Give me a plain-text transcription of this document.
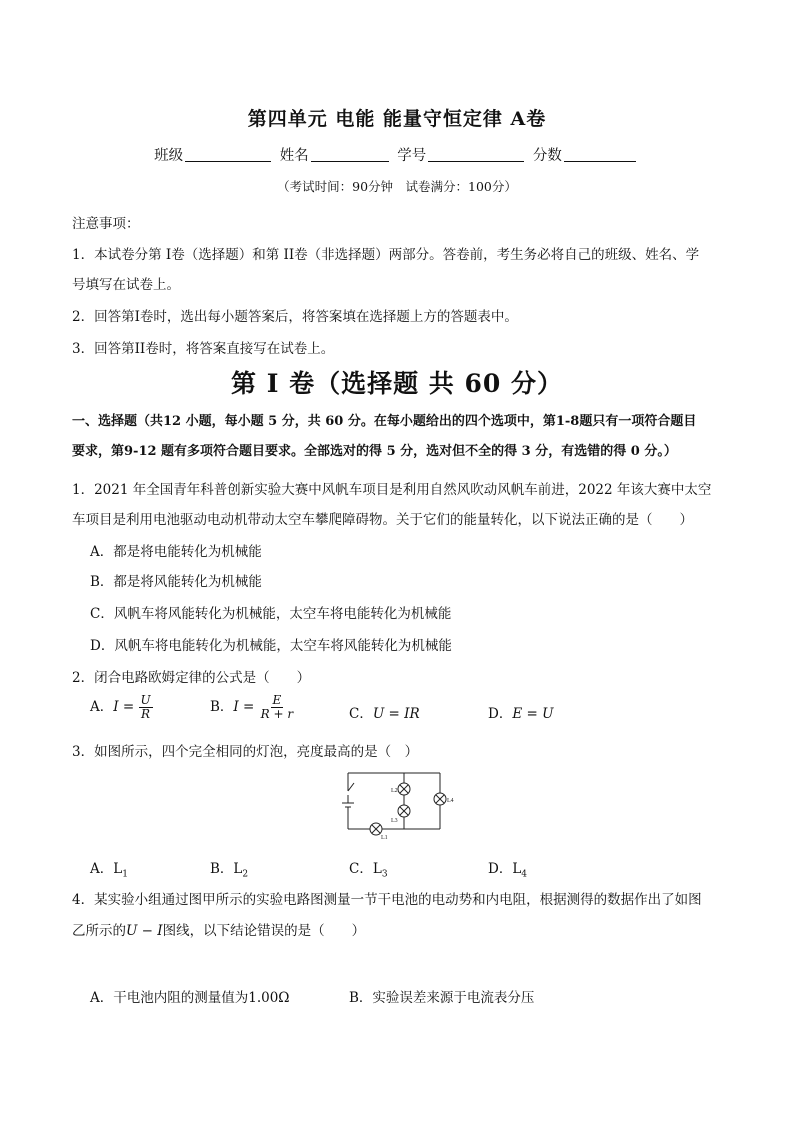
第四单元 电能 能量守恒定律 A卷
班级	姓名	学号	分数
（考试时间：90分钟　试卷满分：100分）
注意事项：
1．本试卷分第 I卷（选择题）和第 II卷（非选择题）两部分。答卷前，考生务必将自己的班级、姓名、学
号填写在试卷上。
2．回答第I卷时，选出每小题答案后，将答案填在选择题上方的答题表中。
3．回答第II卷时，将答案直接写在试卷上。
第 I 卷（选择题 共 60 分）
一、选择题（共12 小题，每小题 5 分，共 60 分。在每小题给出的四个选项中，第1-8题只有一项符合题目
要求，第9-12 题有多项符合题目要求。全部选对的得 5 分，选对但不全的得 3 分，有选错的得 0 分。）
1．2021 年全国青年科普创新实验大赛中风帆车项目是利用自然风吹动风帆车前进，2022 年该大赛中太空
车项目是利用电池驱动电动机带动太空车攀爬障碍物。关于它们的能量转化，以下说法正确的是（　　）
A．都是将电能转化为机械能
B．都是将风能转化为机械能
C．风帆车将风能转化为机械能，太空车将电能转化为机械能
D．风帆车将电能转化为机械能，太空车将风能转化为机械能
2．闭合电路欧姆定律的公式是（　　）
A．$I = \frac{U}{R}$	B．$I = \frac{E}{R + r}$	C．U = IR	D．E = U
3．如图所示，四个完全相同的灯泡，亮度最高的是（　）
L2
L3
L4
L1
A．$L_1$	B．$L_2$	C．$L_3$	D．$L_4$
4．某实验小组通过图甲所示的实验电路图测量一节干电池的电动势和内电阻，根据测得的数据作出了如图
乙所示的U − I图线，以下结论错误的是（　　）
A．干电池内阻的测量值为1.00Ω	B．实验误差来源于电流表分压
